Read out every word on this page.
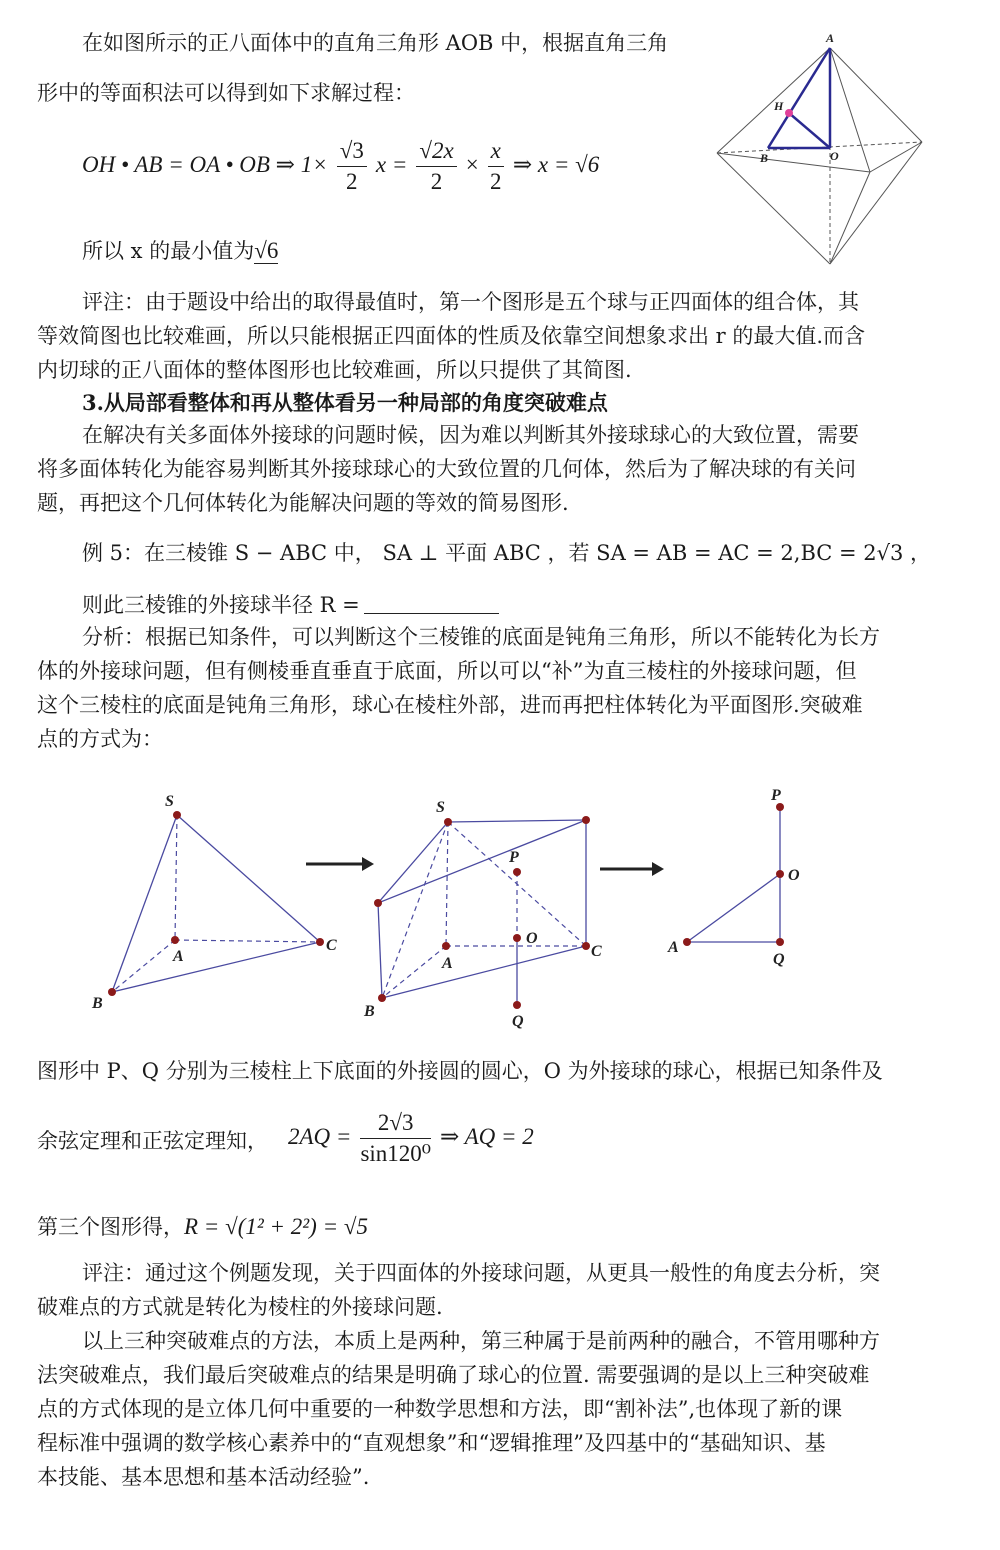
在如图所示的正八面体中的直角三角形 AOB 中，根据直角三角
形中的等面积法可以得到如下求解过程：
OH • AB = OA • OB ⇒ $1\times \frac{√3}{2}$ $x = \frac{√2x}{2} \times \frac{x}{2}$ ⇒ x = √6
所以 x 的最小值为√6
A
H
B	O
评注：由于题设中给出的取得最值时，第一个图形是五个球与正四面体的组合体，其
等效简图也比较难画，所以只能根据正四面体的性质及依靠空间想象求出 r 的最大值.而含
内切球的正八面体的整体图形也比较难画，所以只提供了其简图.
3.从局部看整体和再从整体看另一种局部的角度突破难点
在解决有关多面体外接球的问题时候，因为难以判断其外接球球心的大致位置，需要
将多面体转化为能容易判断其外接球球心的大致位置的几何体，然后为了解决球的有关问
题，再把这个几何体转化为能解决问题的等效的简易图形.
例 5：在三棱锥 S − ABC 中， SA ⊥ 平面 ABC ，若 SA = AB = AC = 2,BC = 2√3 ，
则此三棱锥的外接球半径 R =
分析：根据已知条件，可以判断这个三棱锥的底面是钝角三角形，所以不能转化为长方
体的外接球问题，但有侧棱垂直垂直于底面，所以可以“补”为直三棱柱的外接球问题，但
这个三棱柱的底面是钝角三角形，球心在棱柱外部，进而再把柱体转化为平面图形.突破难
点的方式为：
S
A
B
C
S
P
O
A
B
C
Q
P
O
A
Q
图形中 P、Q 分别为三棱柱上下底面的外接圆的圆心，O 为外接球的球心，根据已知条件及
余弦定理和正弦定理知， $2AQ = \frac{2√3}{\text{sin120⁰}}$ ⇒ AQ = 2
第三个图形得，R = √(1² + 2²) = √5
评注：通过这个例题发现，关于四面体的外接球问题，从更具一般性的角度去分析，突
破难点的方式就是转化为棱柱的外接球问题.
以上三种突破难点的方法，本质上是两种，第三种属于是前两种的融合，不管用哪种方
法突破难点，我们最后突破难点的结果是明确了球心的位置. 需要强调的是以上三种突破难
点的方式体现的是立体几何中重要的一种数学思想和方法，即“割补法”,也体现了新的课
程标准中强调的数学核心素养中的“直观想象”和“逻辑推理”及四基中的“基础知识、基
本技能、基本思想和基本活动经验”.
